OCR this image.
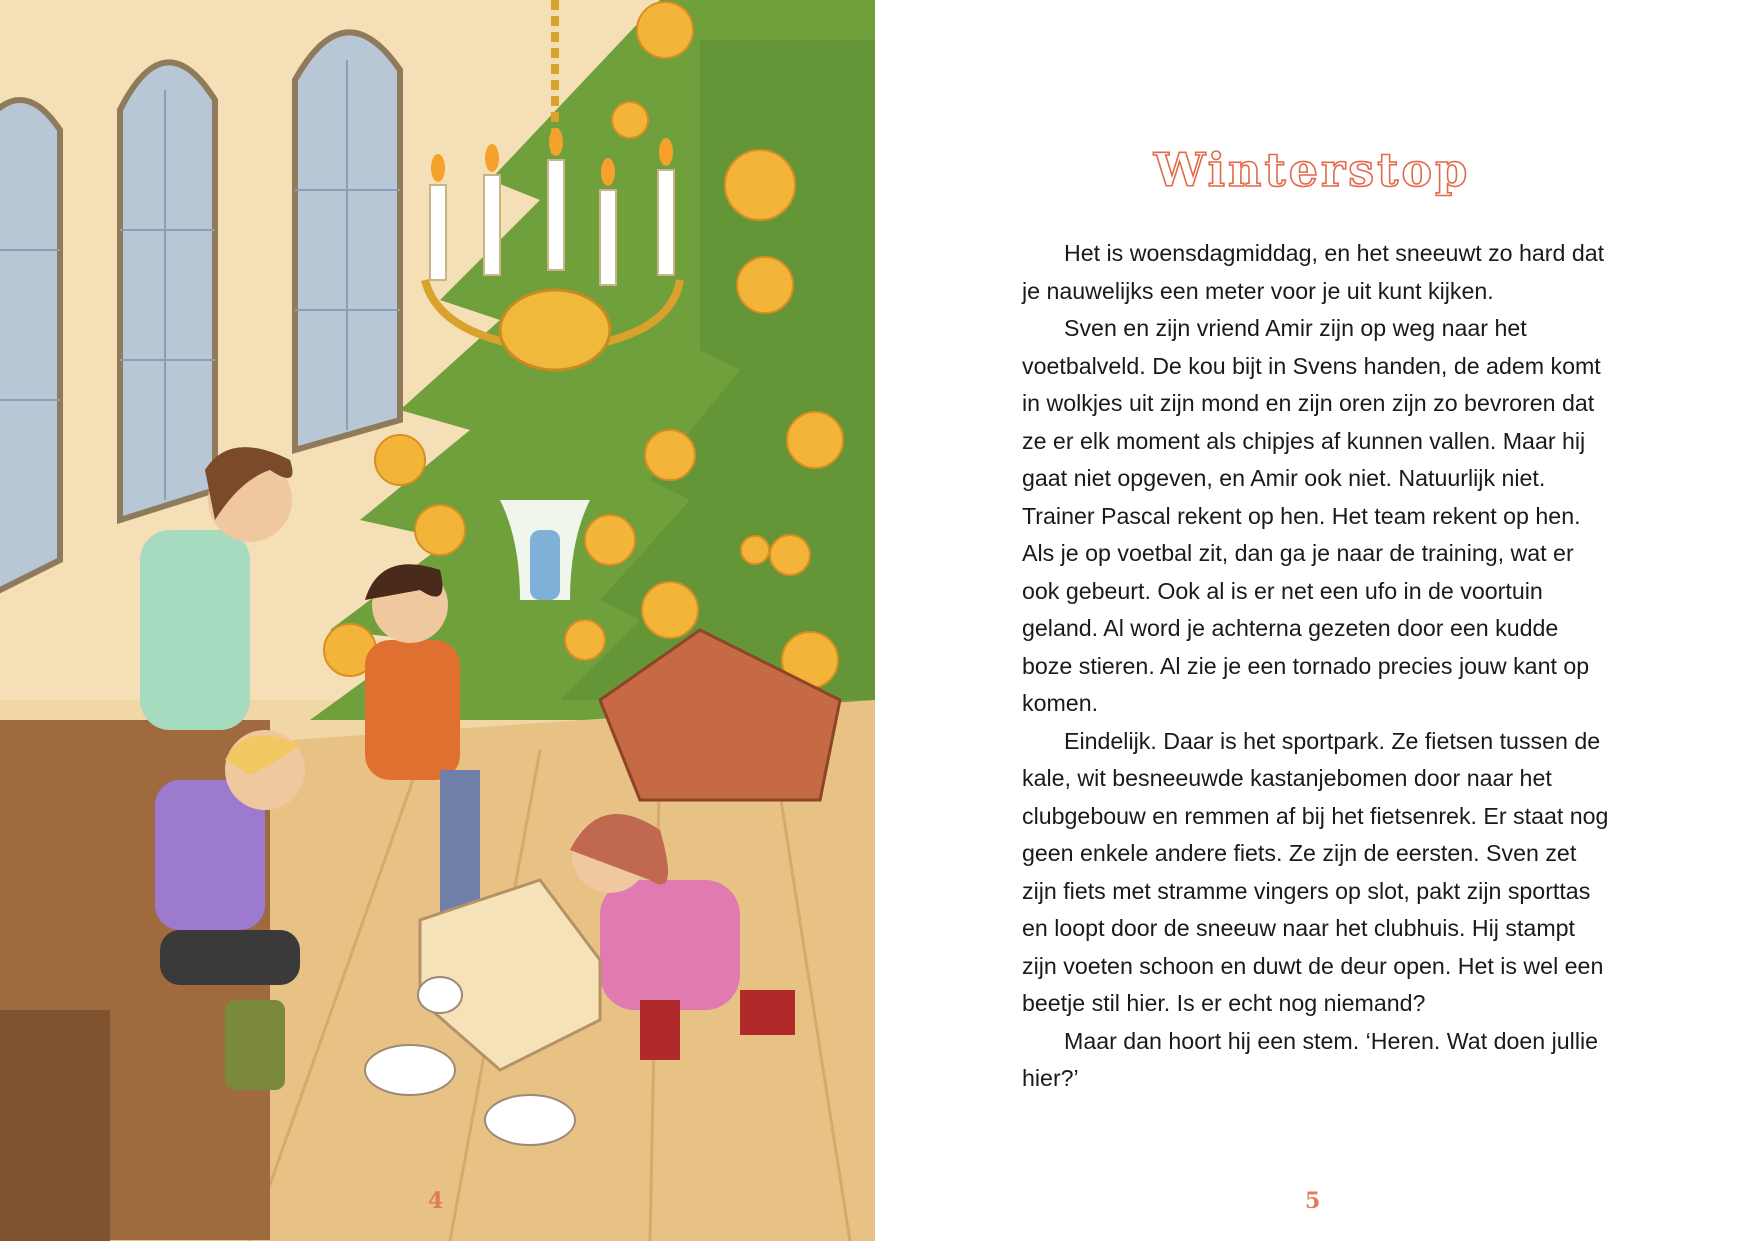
4
Winterstop

Het is woensdagmiddag, en het sneeuwt zo hard dat je nauwelijks een meter voor je uit kunt kijken.

Sven en zijn vriend Amir zijn op weg naar het voetbalveld. De kou bijt in Svens handen, de adem komt in wolkjes uit zijn mond en zijn oren zijn zo bevroren dat ze er elk moment als chipjes af kunnen vallen. Maar hij gaat niet opgeven, en Amir ook niet. Natuurlijk niet. Trainer Pascal rekent op hen. Het team rekent op hen. Als je op voetbal zit, dan ga je naar de training, wat er ook gebeurt. Ook al is er net een ufo in de voortuin geland. Al word je achterna gezeten door een kudde boze stieren. Al zie je een tornado precies jouw kant op komen.

Eindelijk. Daar is het sportpark. Ze fietsen tussen de kale, wit besneeuwde kastanjebomen door naar het clubgebouw en remmen af bij het fietsenrek. Er staat nog geen enkele andere fiets. Ze zijn de eersten. Sven zet zijn fiets met stramme vingers op slot, pakt zijn sporttas en loopt door de sneeuw naar het clubhuis. Hij stampt zijn voeten schoon en duwt de deur open. Het is wel een beetje stil hier. Is er echt nog niemand?

Maar dan hoort hij een stem. ‘Heren. Wat doen jullie hier?’

5
